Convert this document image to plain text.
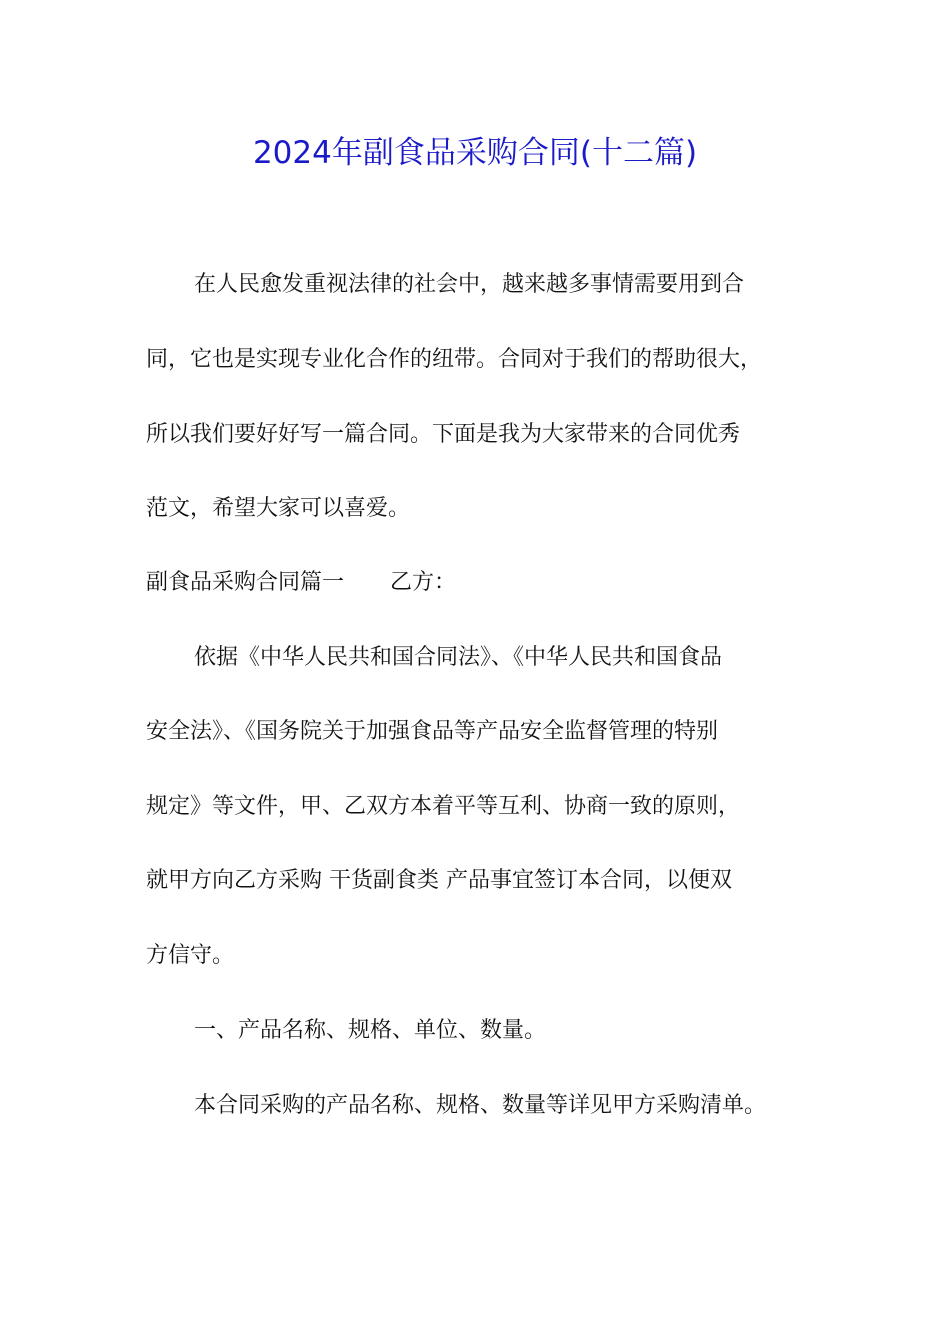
2024年副食品采购合同(十二篇)
在人民愈发重视法律的社会中，越来越多事情需要用到合
同，它也是实现专业化合作的纽带。合同对于我们的帮助很大，
所以我们要好好写一篇合同。下面是我为大家带来的合同优秀
范文，希望大家可以喜爱。
副食品采购合同篇一 乙方：
依据《中华人民共和国合同法》、《中华人民共和国食品
安全法》、《国务院关于加强食品等产品安全监督管理的特别
规定》等文件，甲、乙双方本着平等互利、协商一致的原则，
就甲方向乙方采购 干货副食类 产品事宜签订本合同，以便双
方信守。
一、产品名称、规格、单位、数量。
本合同采购的产品名称、规格、数量等详见甲方采购清单。
